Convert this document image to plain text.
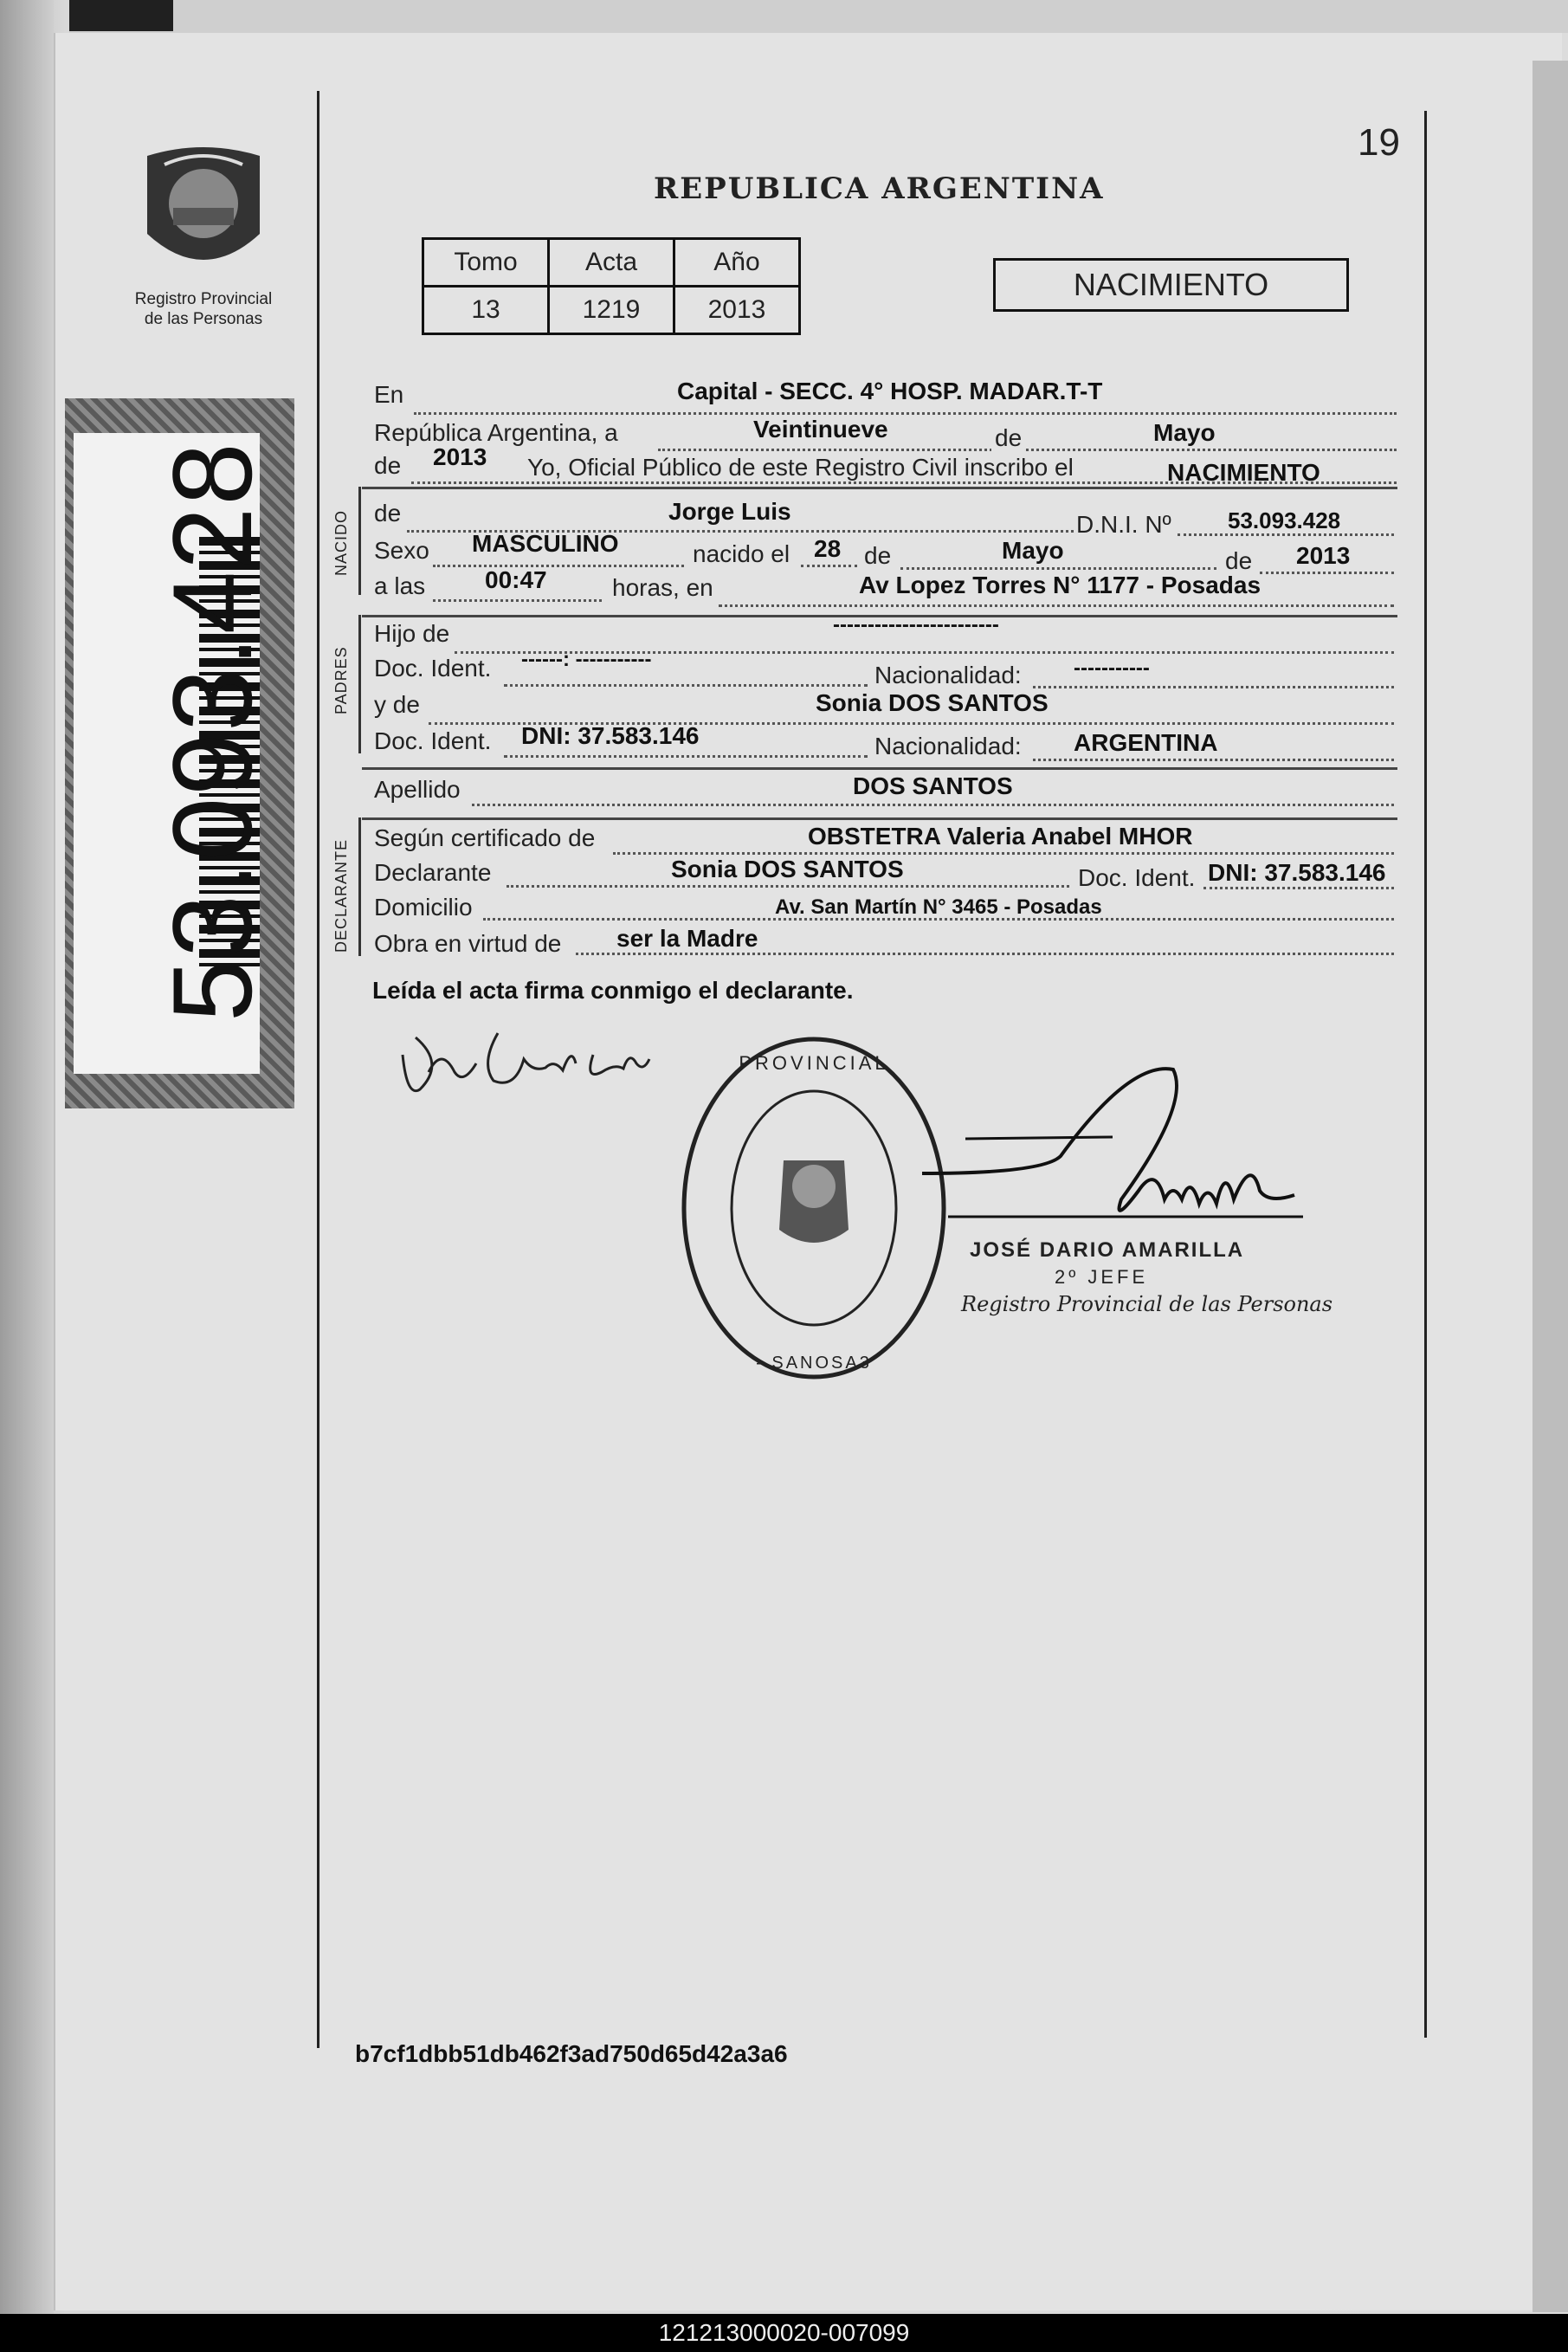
Registro Provincial
de las Personas
53.093.428
19
REPUBLICA ARGENTINA
Tomo	Acta	Año
13	1219	2013
NACIMIENTO
En	Capital - SECC. 4° HOSP. MADAR.T-T
República Argentina, a	Veintinueve	de	Mayo
de 2013 Yo, Oficial Público de este Registro Civil inscribo el	NACIMIENTO
NACIDO de	Jorge Luis	D.N.I. Nº	53.093.428
Sexo MASCULINO	nacido el 28 de	Mayo	de 2013
a las 00:47	horas, en	Av Lopez Torres N° 1177 - Posadas
PADRES
Hijo de	------------------------
Doc. Ident. ------: -----------
Nacionalidad:	-----------
y de	Sonia DOS SANTOS
Doc. Ident. DNI: 37.583.146	Nacionalidad: ARGENTINA
Apellido	DOS SANTOS
DECLARANTE
Según certificado de	OBSTETRA Valeria Anabel MHOR
Declarante	Sonia DOS SANTOS	Doc. Ident. DNI: 37.583.146
Domicilio	Av. San Martín N° 3465 - Posadas
Obra en virtud de ser la Madre
Leída el acta firma conmigo el declarante.
PROVINCIAL
- SANOSA3
JOSÉ DARIO AMARILLA
2º JEFE
Registro Provincial de las Personas
b7cf1dbb51db462f3ad750d65d42a3a6
121213000020-007099
